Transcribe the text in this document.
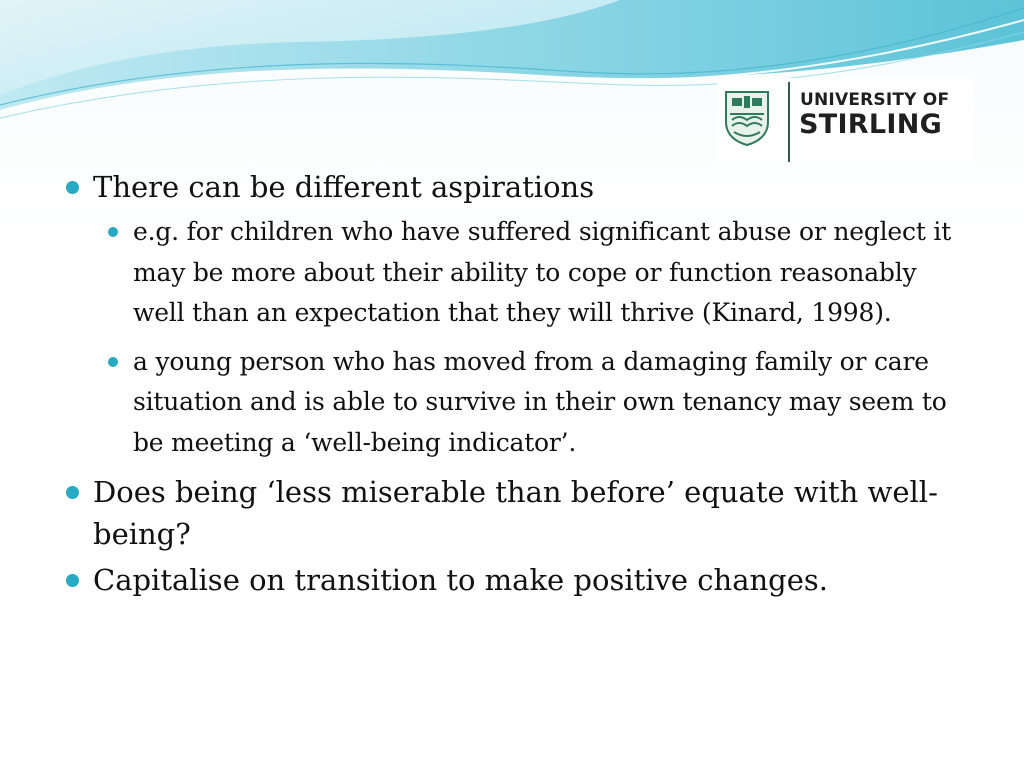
UNIVERSITY OF
STIRLING
There can be different aspirations
e.g. for children who have suffered significant abuse or neglect it may be more about their ability to cope or function reasonably well than an expectation that they will thrive (Kinard, 1998).
a young person who has moved from a damaging family or care situation and is able to survive in their own tenancy may seem to be meeting a ‘well-being indicator’.
Does being ‘less miserable than before’ equate with well-being?
Capitalise on transition to make positive changes.
